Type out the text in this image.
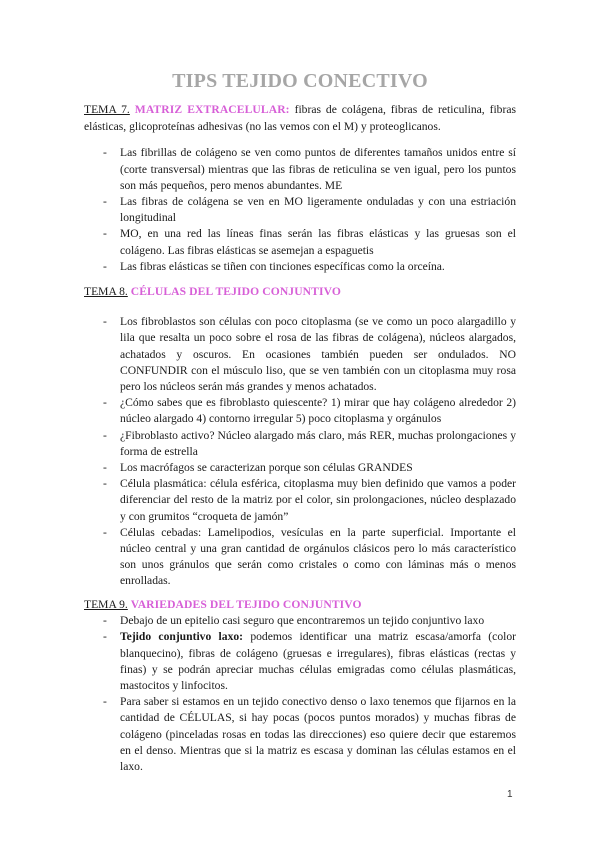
TIPS TEJIDO CONECTIVO

TEMA 7. MATRIZ EXTRACELULAR: fibras de colágena, fibras de reticulina, fibras elásticas, glicoproteínas adhesivas (no las vemos con el M) y proteoglicanos.

- Las fibrillas de colágeno se ven como puntos de diferentes tamaños unidos entre sí (corte transversal) mientras que las fibras de reticulina se ven igual, pero los puntos son más pequeños, pero menos abundantes. ME
- Las fibras de colágena se ven en MO ligeramente onduladas y con una estriación longitudinal
- MO, en una red las líneas finas serán las fibras elásticas y las gruesas son el colágeno. Las fibras elásticas se asemejan a espaguetis
- Las fibras elásticas se tiñen con tinciones específicas como la orceína.

TEMA 8. CÉLULAS DEL TEJIDO CONJUNTIVO

- Los fibroblastos son células con poco citoplasma (se ve como un poco alargadillo y lila que resalta un poco sobre el rosa de las fibras de colágena), núcleos alargados, achatados y oscuros. En ocasiones también pueden ser ondulados. NO CONFUNDIR con el músculo liso, que se ven también con un citoplasma muy rosa pero los núcleos serán más grandes y menos achatados.
- ¿Cómo sabes que es fibroblasto quiescente? 1) mirar que hay colágeno alrededor 2) núcleo alargado 4) contorno irregular 5) poco citoplasma y orgánulos
- ¿Fibroblasto activo? Núcleo alargado más claro, más RER, muchas prolongaciones y forma de estrella
- Los macrófagos se caracterizan porque son células GRANDES
- Célula plasmática: célula esférica, citoplasma muy bien definido que vamos a poder diferenciar del resto de la matriz por el color, sin prolongaciones, núcleo desplazado y con grumitos “croqueta de jamón”
- Células cebadas: Lamelipodios, vesículas en la parte superficial. Importante el núcleo central y una gran cantidad de orgánulos clásicos pero lo más característico son unos gránulos que serán como cristales o como con láminas más o menos enrolladas.

TEMA 9. VARIEDADES DEL TEJIDO CONJUNTIVO

- Debajo de un epitelio casi seguro que encontraremos un tejido conjuntivo laxo
- Tejido conjuntivo laxo: podemos identificar una matriz escasa/amorfa (color blanquecino), fibras de colágeno (gruesas e irregulares), fibras elásticas (rectas y finas) y se podrán apreciar muchas células emigradas como células plasmáticas, mastocitos y linfocitos.
- Para saber si estamos en un tejido conectivo denso o laxo tenemos que fijarnos en la cantidad de CÉLULAS, si hay pocas (pocos puntos morados) y muchas fibras de colágeno (pinceladas rosas en todas las direcciones) eso quiere decir que estaremos en el denso. Mientras que si la matriz es escasa y dominan las células estamos en el laxo.
1
